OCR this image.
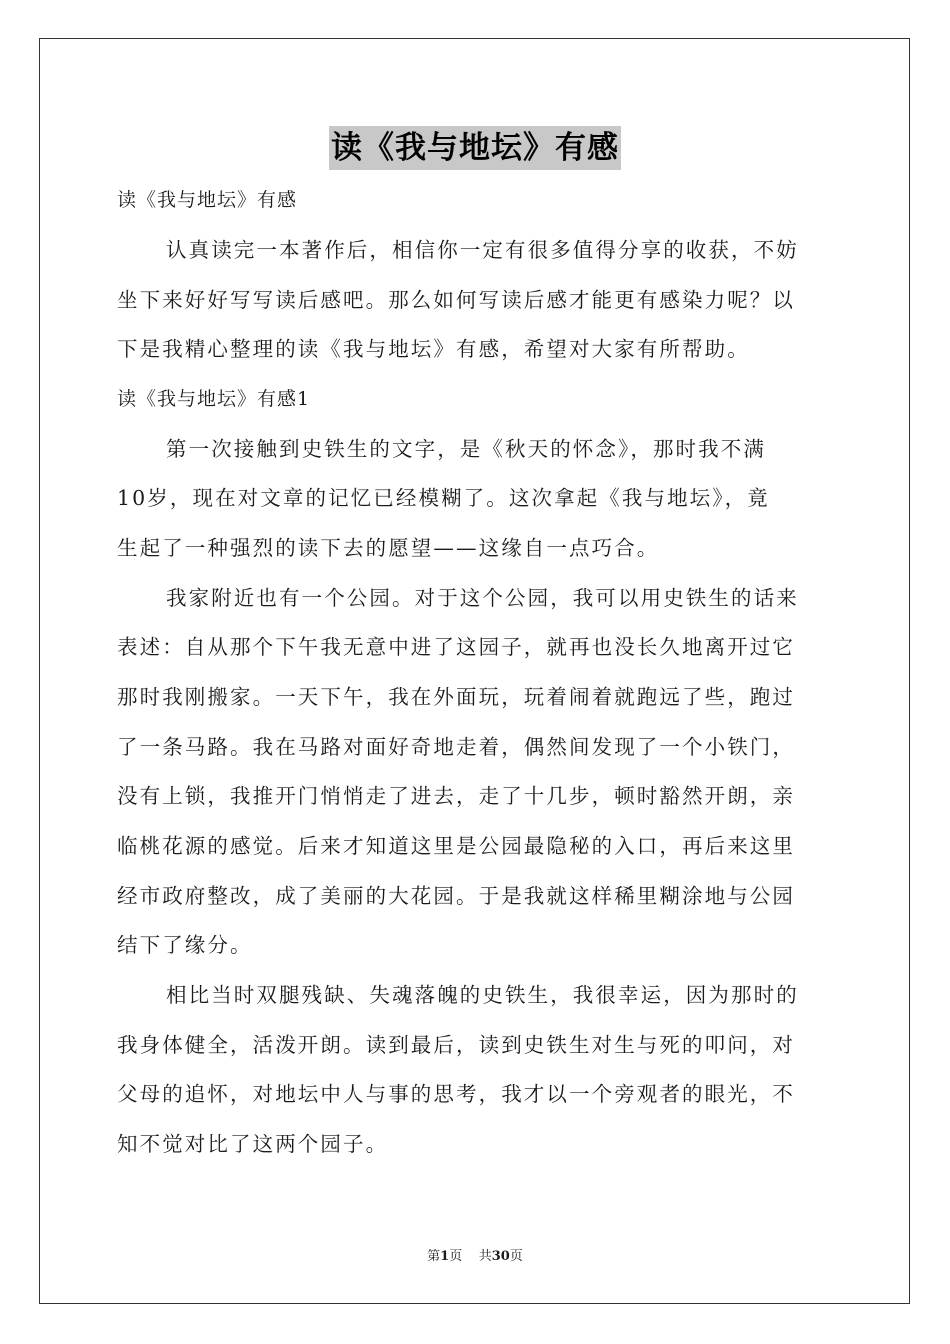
读《我与地坛》有感
读《我与地坛》有感
认真读完一本著作后，相信你一定有很多值得分享的收获，不妨
坐下来好好写写读后感吧。那么如何写读后感才能更有感染力呢？以
下是我精心整理的读《我与地坛》有感，希望对大家有所帮助。
读《我与地坛》有感1
第一次接触到史铁生的文字，是《秋天的怀念》，那时我不满
10岁，现在对文章的记忆已经模糊了。这次拿起《我与地坛》，竟
生起了一种强烈的读下去的愿望——这缘自一点巧合。
我家附近也有一个公园。对于这个公园，我可以用史铁生的话来
表述：自从那个下午我无意中进了这园子，就再也没长久地离开过它
那时我刚搬家。一天下午，我在外面玩，玩着闹着就跑远了些，跑过
了一条马路。我在马路对面好奇地走着，偶然间发现了一个小铁门，
没有上锁，我推开门悄悄走了进去，走了十几步，顿时豁然开朗，亲
临桃花源的感觉。后来才知道这里是公园最隐秘的入口，再后来这里
经市政府整改，成了美丽的大花园。于是我就这样稀里糊涂地与公园
结下了缘分。
相比当时双腿残缺、失魂落魄的史铁生，我很幸运，因为那时的
我身体健全，活泼开朗。读到最后，读到史铁生对生与死的叩问，对
父母的追怀，对地坛中人与事的思考，我才以一个旁观者的眼光，不
知不觉对比了这两个园子。
第1页 共30页
